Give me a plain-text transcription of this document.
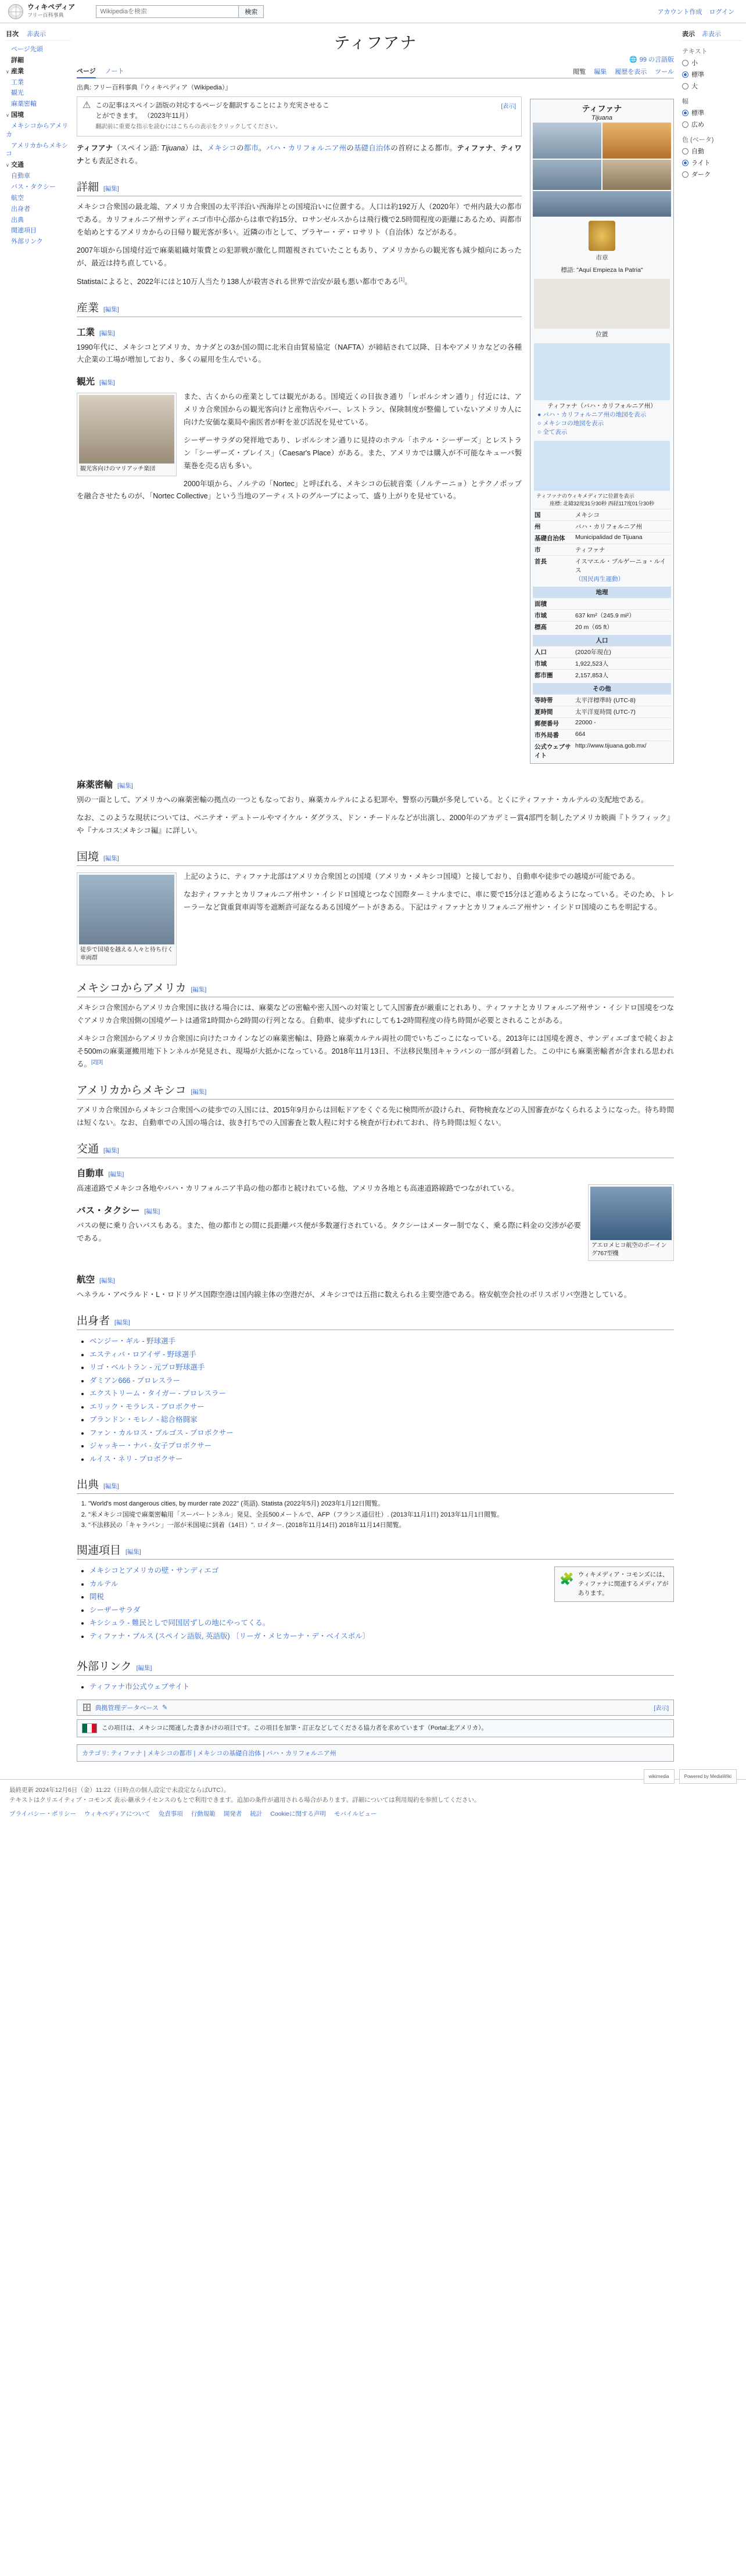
ウィキペディア
フリー百科事典
Wikipediaを検索	検索	アカウント作成 ログイン
目次 非表示
ページ先頭
詳細
∨ 産業
工業
観光
麻薬密輸
∨ 国境
メキシコからアメリカ
アメリカからメキシコ
∨ 交通
自動車
バス・タクシー
航空
出身者
出典
関連項目
外部リンク
ティフアナ
🌐 99 の言語版
ページ ノート	閲覧 編集 履歴を表示 ツール
出典: フリー百科事典『ウィキペディア（Wikipedia）』
ティファナ
Tijuana
市章
標語: "Aquí Empieza la Patria"
位置
ティファナ（バハ・カリフォルニア州）
● バハ・カリフォルニア州の地図を表示
○ メキシコの地図を表示
○ 全て表示
ティファナのウィキメディアに位置を表示
座標: 北緯32度31分30秒 西経117度01分30秒
国	メキシコ
州	バハ・カリフォルニア州
基礎自治体	Municipalidad de Tijuana
市	ティファナ
首長	イスマエル・ブルゲーニョ・ルイス
（国民再生運動）
地理
面積
市域	637 km²（245.9 mi²）
標高	20 m（65 ft）
人口
人口	(2020年現在)
市域	1,922,523人
都市圏	2,157,853人
その他
等時帯	太平洋標準時 (UTC-8)
夏時間	太平洋夏時間 (UTC-7)
郵便番号	22000 -
市外局番	664
公式ウェブサイト
http://www.tijuana.gob.mx/
⚠ この記事はスペイン語版の対応するページを翻訳することにより充実させるこ
とができます。 （2023年11月）
翻訳前に重要な指示を読むにはこちらの表示をクリックしてください。
[表示]

ティフアナ（スペイン語: Tijuana）は、メキシコの都市。バハ・カリフォルニア州の基礎自治体の首府による都市。ティファナ、ティワナとも表記される。

詳細 [編集]

メキシコ合衆国の最北端、アメリカ合衆国の太平洋沿い西海岸との国境沿いに位置する。人口は約192万人（2020年）で州内最大の都市である。カリフォルニア州サンディエゴ市中心部からは車で約15分、ロサンゼルスからは飛行機で2.5時間程度の距離にあるため、両都市を始めとするアメリカからの日帰り観光客が多い。近隣の市として、プラヤー・デ・ロサリト（自治体）などがある。

2007年頃から国境付近で麻薬組織対策費との犯罪戦が激化し問題視されていたこともあり、アメリカからの観光客も減少傾向にあったが、最近は持ち直している。

Statistaによると、2022年にはと10万人当たり138人が殺害される世界で治安が最も悪い都市である[1]。

産業 [編集]
工業 [編集]

1990年代に、メキシコとアメリカ、カナダとの3か国の間に北米自由貿易協定（NAFTA）が締結されて以降、日本やアメリカなどの各種大企業の工場が増加しており、多くの雇用を生んでいる。

観光 [編集]
観光客向けのマリアッチ楽団

また、古くからの産業としては観光がある。国境近くの目抜き通り「レボルシオン通り」付近には、アメリカ合衆国からの観光客向けと産物店やバー、レストラン、保険制度が整備していないアメリカ人に向けた安価な薬局や歯医者が軒を並び活況を見せている。

シーザーサラダの発祥地であり、レボルシオン通りに見持のホテル「ホテル・シーザーズ」とレストラン「シーザーズ・プレイス」（Caesar's Place）がある。また、アメリカでは購入が不可能なキューバ製葉巻を売る店も多い。

2000年頃から、ノルテの「Nortec」と呼ばれる、メキシコの伝統音楽（ノルテーニョ）とテクノポップを融合させたものが、「Nortec Collective」という当地のアーティストのグループによって、盛り上がりを見せている。

麻薬密輸 [編集]

別の一面として、アメリカへの麻薬密輸の拠点の一つともなっており、麻薬カルテルによる犯罪や、警察の汚職が多発している。とくにティファナ・カルテルの支配地である。

なお、このような現状については、ベニテオ・デュトールやマイケル・ダグラス、ドン・チードルなどが出演し、2000年のアカデミー賞4部門を制したアメリカ映画『トラフィック』や『ナルコス:メキシコ編』に詳しい。

国境 [編集]
徒歩で国境を越える人々と待ち行く車両群

上記のように、ティファナ北部はアメリカ合衆国との国境（アメリカ・メキシコ国境）と接しており、自動車や徒歩での越境が可能である。

なおティファナとカリフォルニア州サン・イシドロ国境とつなぐ国際ターミナルまでに、車に要で15分ほど進めるようになっている。そのため、トレーラーなど貨重貨車両等を遮断許可証なるある国境ゲートがきある。下記はティファナとカリフォルニア州サン・イシドロ国境のこちを明記する。

メキシコからアメリカ [編集]

メキシコ合衆国からアメリカ合衆国に抜ける場合には、麻薬などの密輸や密入国への対策として入国審査が厳重にとれあり、ティファナとカリフォルニア州サン・イシドロ国境をつなぐアメリカ合衆国側の国境ゲートは通常1時間から2時間の行列となる。自動車、徒歩ずれにしても1-2時間程度の待ち時間が必要とされることがある。

メキシコ合衆国からアメリカ合衆国に向けたコカインなどの麻薬密輸は、陸路と麻薬カルテル両社の間でいちごっこになっている。2013年には国境を渡さ、サンディエゴまで続くおよそ500mの麻薬運搬用地下トンネルが発見され、現場が大抵かになっている。2018年11月13日、不法移民集団キャラバンの一部が到着した。この中にも麻薬密輸者が含まれる思われる。[2][3]

アメリカからメキシコ [編集]

アメリカ合衆国からメキシコ合衆国への徒歩での入国には、2015年9月からは回転ドアをくぐる先に検問所が設けられ、荷物検査などの入国審査がなくられるようになった。待ち時間は短くない。なお、自動車での入国の場合は、抜き打ちでの入国審査と数人程に対する検査が行われておれ、待ち時間は短くない。

交通 [編集]
自動車 [編集]
アエロメヒコ航空のボーイング767型機

高速道路でメキシコ各地やバハ・カリフォルニア半島の他の都市と続けれている他、アメリカ各地とも高速道路線路でつながれている。

バス・タクシー [編集]

バスの便に乗り合いバスもある。また、他の都市との間に長距離バス便が多数運行されている。タクシーはメーター制でなく、乗る際に料金の交渉が必要である。

航空 [編集]

ヘネラル・アベラルド・L・ロドリゲス国際空港は国内線主体の空港だが、メキシコでは五指に数えられる主要空港である。格安航空会社のボリスボリバ空港としている。

出身者 [編集]
• ベンジー・ギル - 野球選手
• エスティバ・ロアイザ - 野球選手
• リゴ・ベルトラン - 元プロ野球選手
• ダミアン666 - プロレスラー
• エクストリーム・タイガー - プロレスラー
• エリック・モラレス - ブロボクサー
• ブランドン・モレノ - 総合格闘家
• ファン・カルロス・ブルゴス - プロボクサー
• ジャッキー・ナバ - 女子プロボクサー
• ルイス・ネリ - プロボクサー
出典 [編集]
1. "World's most dangerous cities, by murder rate 2022" (英語). Statista (2022年5月) 2023年1月12日閲覧。
2. "米メキシコ国境で麻薬密輸用「スーパートンネル」発見、全長500メートルで、AFP（フランス通信社）. (2013年11月1日) 2013年11月1日閲覧。
3. "不法移民の「キャラバン」一部が米国境に到着（14日）". ロイター. (2018年11月14日) 2018年11月14日閲覧。
関連項目 [編集]
🧩 ウィキメディア・コモンズには、ティファナに関連するメディアがあります。
• メキシコとアメリカの壁・サンディエゴ
• カルテル
• 関税
• シーザーサラダ
• キシシュラ - 難民としで同国居ずしの地にやってくる。
• ティファナ・ブルス (スペイン語版, 英語版) 〔リーガ・メヒカーナ・デ・ベイスボル〕
外部リンク [編集]
• ティファナ市公式ウェブサイト
🗄 典拠管理データベース ✎	[表示]
この項目は、メキシコに関連した書きかけの項目です。この項目を加筆・訂正などしてくださる協力者を求めています（Portal:北アメリカ）。
カテゴリ: ティファナ | メキシコの都市 | メキシコの基礎自治体 | バハ・カリフォルニア州
表示 非表示
テキスト
小
標準
大
幅
標準
広め
色 (ベータ)
自動
ライト
ダーク
wikimedia	Powered by MediaWiki
最終更新 2024年12月6日（金）11:22（日時点の個人設定で未設定ならばUTC）。
テキストはクリエイティブ・コモンズ 表示-継承ライセンスのもとで利用できます。追加の条件が適用される場合があります。詳細については利用規約を参照してください。
プライバシー・ポリシー ウィキペディアについて 免責事項 行動規範 開発者 統計 Cookieに関する声明 モバイルビュー
